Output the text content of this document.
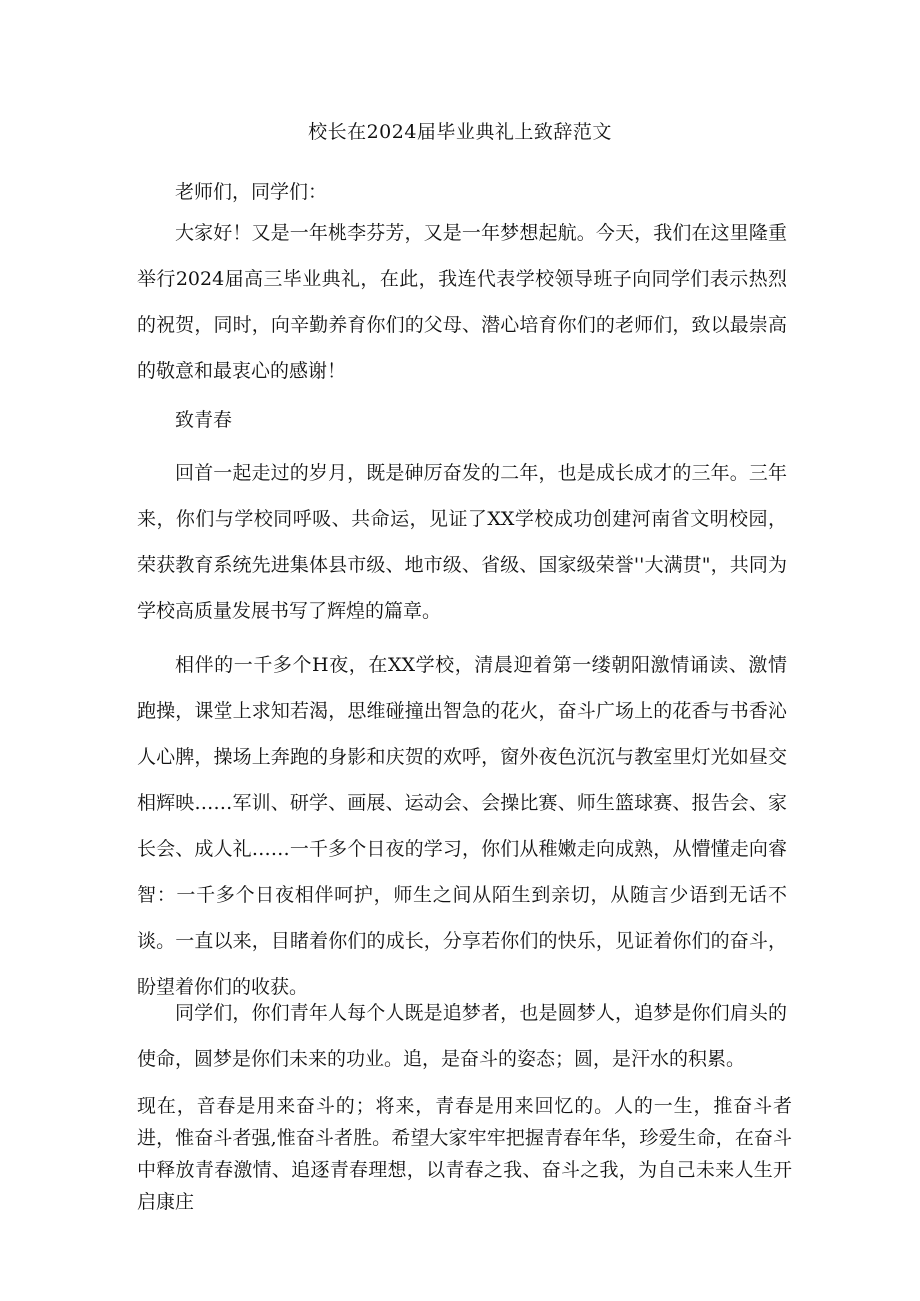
校长在2024届毕业典礼上致辞范文
老师们，同学们：
大家好！又是一年桃李芬芳，又是一年梦想起航。今天，我们在这里隆重举行2024届高三毕业典礼，在此，我连代表学校领导班子向同学们表示热烈的祝贺，同时，向辛勤养育你们的父母、潜心培育你们的老师们，致以最崇高的敬意和最衷心的感谢！
致青春
回首一起走过的岁月，既是砷厉奋发的二年，也是成长成才的三年。三年来，你们与学校同呼吸、共命运，见证了XX学校成功创建河南省文明校园，荣获教育系统先进集体县市级、地市级、省级、国家级荣誉''大满贯"，共同为学校高质量发展书写了辉煌的篇章。
相伴的一千多个H夜，在XX学校，清晨迎着第一缕朝阳激情诵读、激情跑操，课堂上求知若渴，思维碰撞出智急的花火，奋斗广场上的花香与书香沁人心脾，操场上奔跑的身影和庆贺的欢呼，窗外夜色沉沉与教室里灯光如昼交相辉映……军训、研学、画展、运动会、会操比赛、师生篮球赛、报告会、家长会、成人礼……一千多个日夜的学习，你们从稚嫩走向成熟，从懵懂走向睿智：一千多个日夜相伴呵护，师生之间从陌生到亲切，从随言少语到无话不谈。一直以来，目睹着你们的成长，分享若你们的快乐，见证着你们的奋斗，盼望着你们的收获。
同学们，你们青年人每个人既是追梦者，也是圆梦人，追梦是你们肩头的使命，圆梦是你们未来的功业。追，是奋斗的姿态；圆，是汗水的积累。
现在，音春是用来奋斗的；将来，青春是用来回忆的。人的一生，推奋斗者进，惟奋斗者强,惟奋斗者胜。希望大家牢牢把握青春年华，珍爱生命，在奋斗中释放青春激情、追逐青春理想，以青春之我、奋斗之我，为自己未来人生开启康庄
